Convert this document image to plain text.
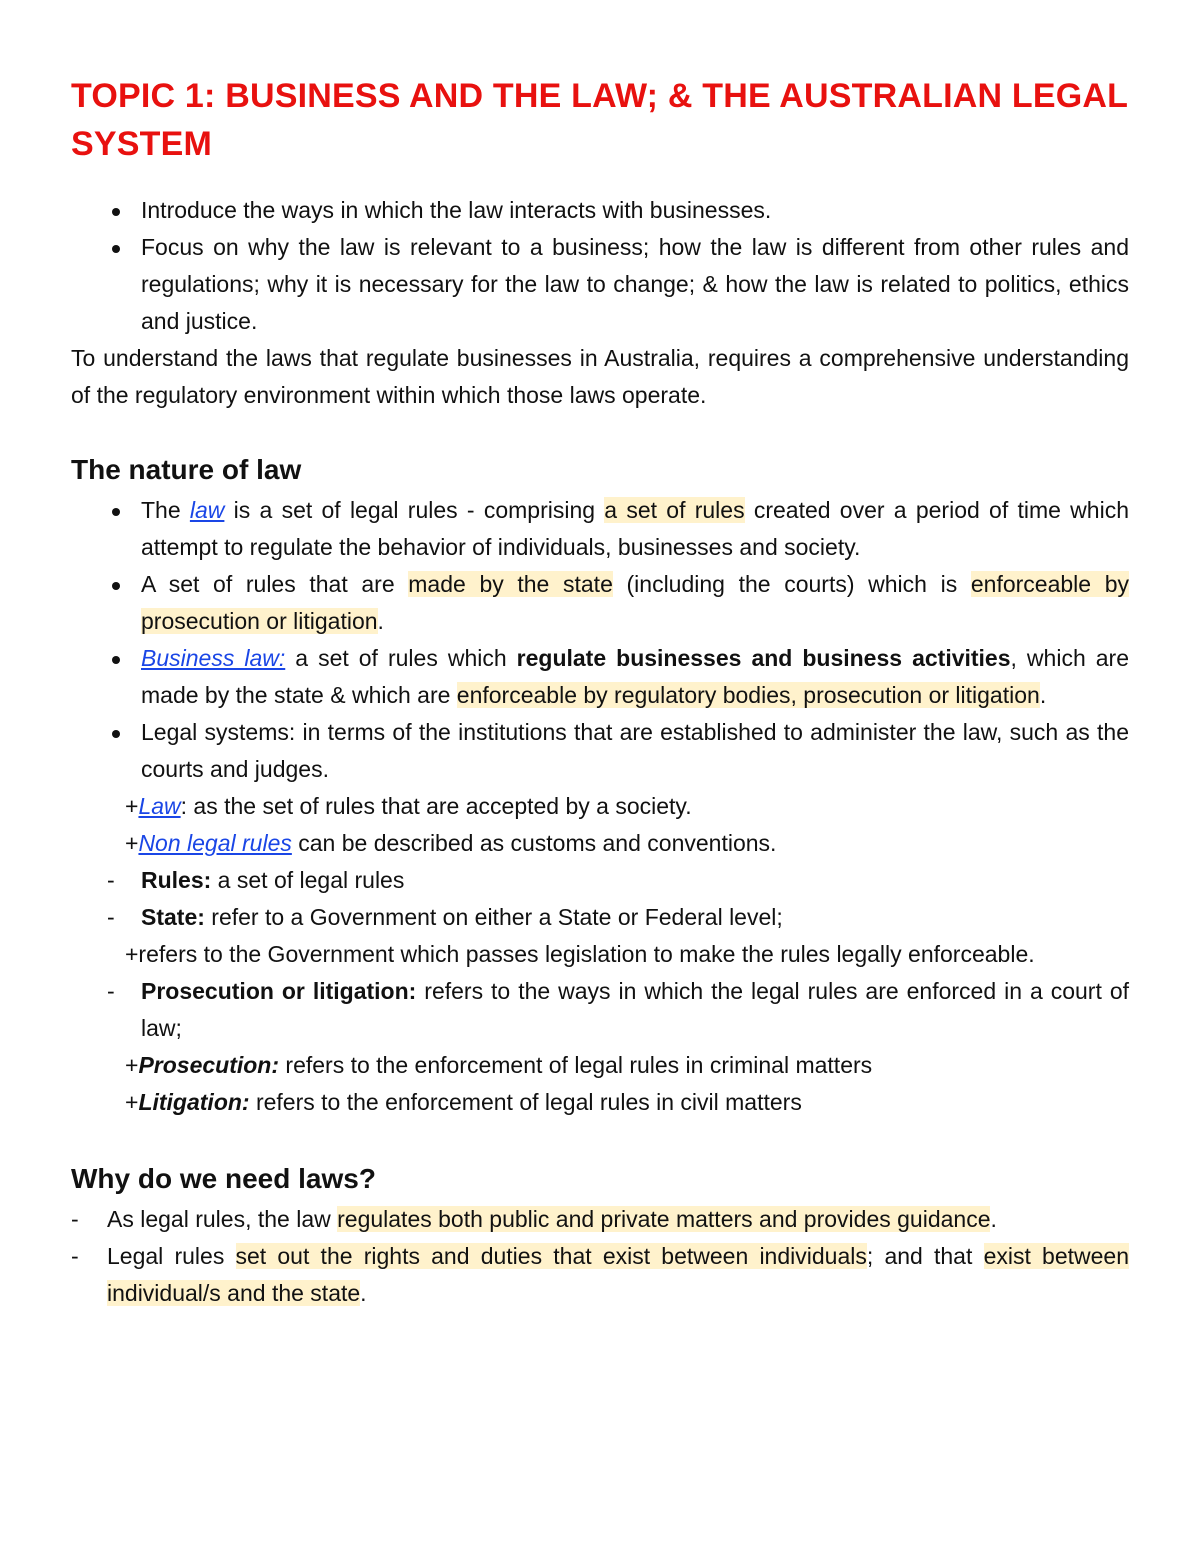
TOPIC 1: BUSINESS AND THE LAW; & THE AUSTRALIAN LEGAL SYSTEM
Introduce the ways in which the law interacts with businesses.
Focus on why the law is relevant to a business; how the law is different from other rules and regulations; why it is necessary for the law to change; & how the law is related to politics, ethics and justice.

To understand the laws that regulate businesses in Australia, requires a comprehensive understanding of the regulatory environment within which those laws operate.

The nature of law
The law is a set of legal rules - comprising a set of rules created over a period of time which attempt to regulate the behavior of individuals, businesses and society.
A set of rules that are made by the state (including the courts) which is enforceable by prosecution or litigation.
Business law: a set of rules which regulate businesses and business activities, which are made by the state & which are enforceable by regulatory bodies, prosecution or litigation.
Legal systems: in terms of the institutions that are established to administer the law, such as the courts and judges.
+Law: as the set of rules that are accepted by a society.
+Non legal rules can be described as customs and conventions.
- Rules: a set of legal rules
- State: refer to a Government on either a State or Federal level;
+refers to the Government which passes legislation to make the rules legally enforceable.
- Prosecution or litigation: refers to the ways in which the legal rules are enforced in a court of law;
+Prosecution: refers to the enforcement of legal rules in criminal matters
+Litigation: refers to the enforcement of legal rules in civil matters
Why do we need laws?
- As legal rules, the law regulates both public and private matters and provides guidance.
- Legal rules set out the rights and duties that exist between individuals; and that exist between individual/s and the state.
